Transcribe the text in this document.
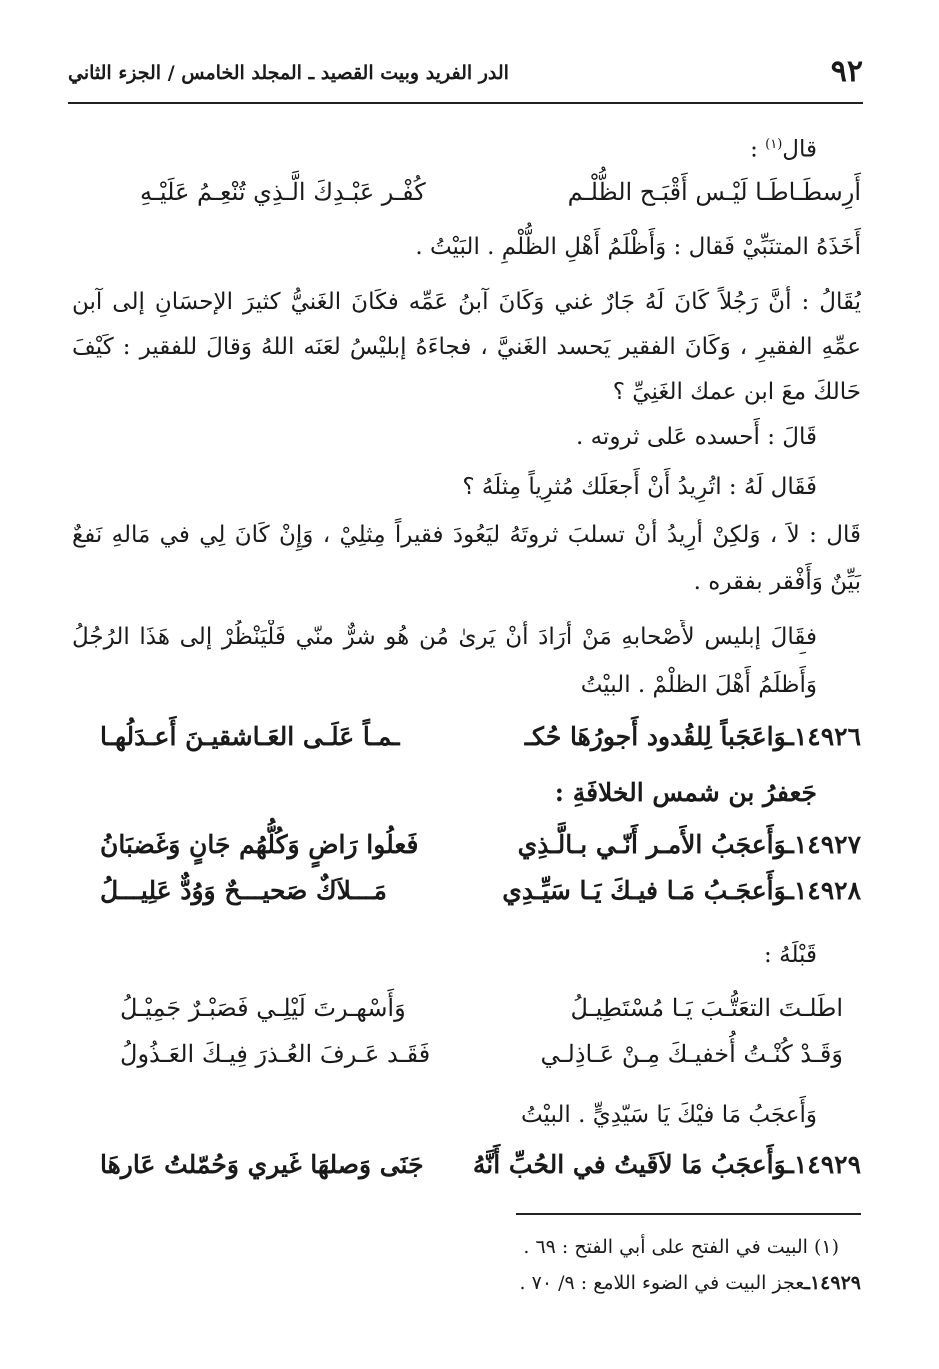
٩٢
الدر الفريد وبيت القصيد ـ المجلد الخامس / الجزء الثاني
قال$^{(١)}$ :
أَرِسطَـاطَـا لَيْـس أَقْبَـح الظُّلْـم
كُفْـر عَبْـدِكَ الَّـذِي تُنْعِـمُ عَلَيْـهِ
أَخَذَهُ المتنَبِّيْ فَقال : وَأَظْلَمُ أَهْلِ الظُّلْمِ . البَيْتُ .
يُقَالُ : أَنَّ رَجُلاً كَانَ لَهُ جَارٌ غني وَكَانَ آبنُ عَمِّه فكَانَ الغَنيُّ كثيرَ الإحسَانِ إلى آبن
عمِّهِ الفقيرِ ، وَكَانَ الفقير يَحسد الغَنيَّ ، فجاءَهُ إبليْسُ لعَنَه اللهُ وَقالَ للفقير : كَيْفَ
حَالكَ معَ ابن عمك الغَنِيِّ ؟
قَالَ : أَحسده عَلى ثروته .
فَقَال لَهُ : اتُرِيدُ أَنْ أَجعَلَك مُثرِياً مِثلَهُ ؟
قَال : لاَ ، وَلكِنْ أُرِيدُ أَنْ تسلبَ ثروتَهُ ليَعُودَ فقيراً مِثلِيْ ، وَإِنْ كَانَ لِي في مَالهِ نَفعٌ
بَيِّنٌ وَأَفْقر بفقره .
فقَالَ إبليس لأَصْحابهِ مَنْ أَرَادَ أَنْ يَرىٰ مُن هُو شرٌّ منّي فَلْيَنْظُرْ إلى هَذَا الرُجُلُ
وَأَظلَمُ أَهْلَ الظلْمْ . البيْتُ
١٤٩٢٦ـوَاعَجَباً لِلقُدود أَجورُهَا حُكـ
ـمـاً عَلَـى العَـاشقيـنَ أَعـدَلُهـا
جَعفرُ بن شمس الخلافَةِ :
١٤٩٢٧ـوَأَعجَبُ الأَمـر أَنّـي بـالَّـذِي
فَعلُوا رَاضٍ وَكُلُّهُم جَانٍ وَغَضبَانُ
١٤٩٢٨ـوَأَعجَـبُ مَـا فيـكَ يَـا سَيِّـدِي
مَـــلاَكٌ صَحيـــحٌ وَوُدٌّ عَلِيـــلُ
قَبْلَهُ :
اطَلـتَ التعَتُّـبَ يَـا مُسْتَطِيـلُ
وَأَسْهـرتَ لَيْلِـي فَصَبْـرٌ جَمِيْـلُ
وَقَـدْ كُنْـتُ أُخفيـكَ مِـنْ عَـاذِلـي
فَقَـد عَـرفَ العُـذرَ فِيـكَ العَـذُولُ
وَأَعجَبُ مَا فيْكَ يَا سَيّدِيٍّ . البيْتُ
١٤٩٢٩ـوَأَعجَبُ مَا لاَقَيتُ في الحُبِّ أَنَّهُ
جَنَى وَصلهَا غَيري وَحُمّلتُ عَارهَا
(١) البيت في الفتح على أبي الفتح : ٦٩ .
١٤٩٢٩ـعجز البيت في الضوء اللامع : ٩/ ٧٠ .
